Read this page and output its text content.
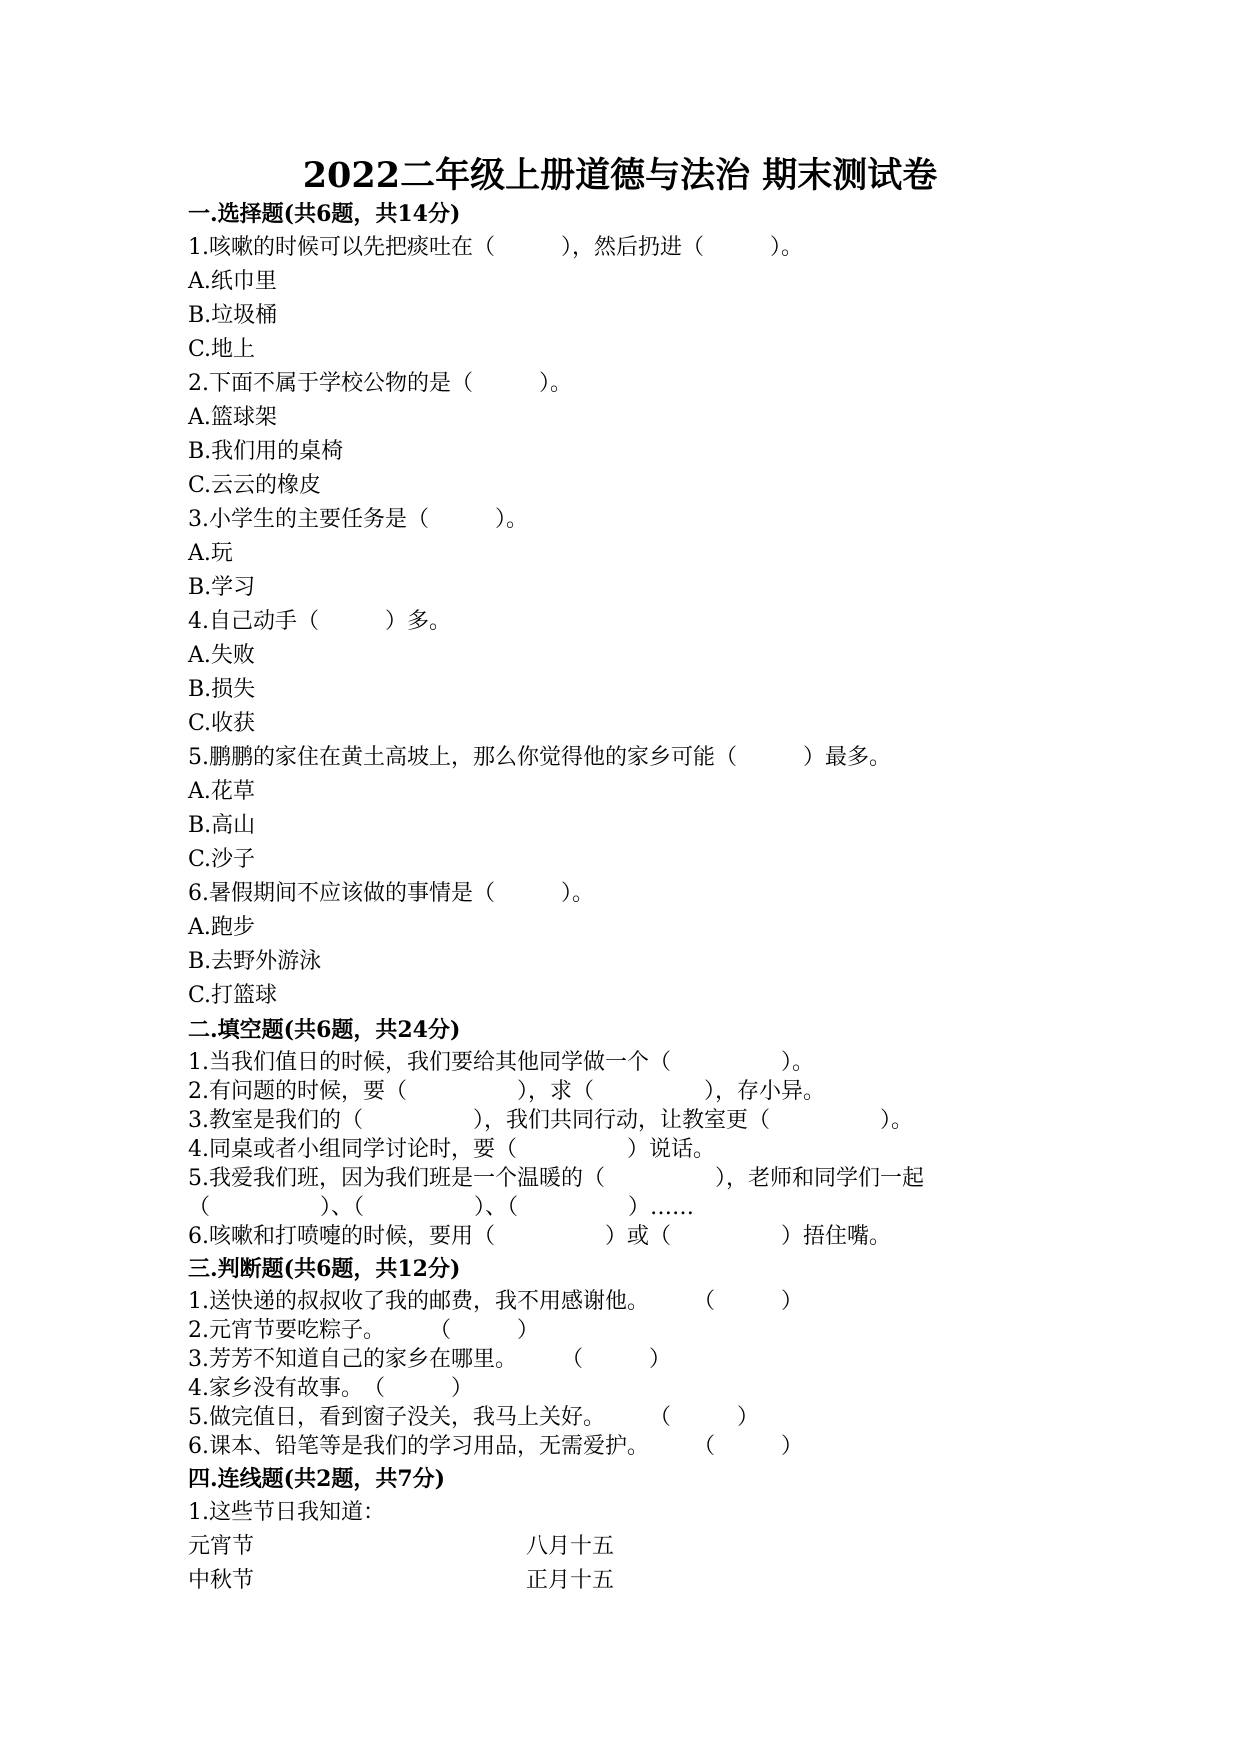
2022二年级上册道德与法治 期末测试卷
一.选择题(共6题，共14分)
1.咳嗽的时候可以先把痰吐在（　　　），然后扔进（　　　）。
A.纸巾里
B.垃圾桶
C.地上
2.下面不属于学校公物的是（　　　）。
A.篮球架
B.我们用的桌椅
C.云云的橡皮
3.小学生的主要任务是（　　　）。
A.玩
B.学习
4.自己动手（　　　）多。
A.失败
B.损失
C.收获
5.鹏鹏的家住在黄土高坡上，那么你觉得他的家乡可能（　　　）最多。
A.花草
B.高山
C.沙子
6.暑假期间不应该做的事情是（　　　）。
A.跑步
B.去野外游泳
C.打篮球
二.填空题(共6题，共24分)
1.当我们值日的时候，我们要给其他同学做一个（　　　　　）。
2.有问题的时候，要（　　　　　），求（　　　　　），存小异。
3.教室是我们的（　　　　　），我们共同行动，让教室更（　　　　　）。
4.同桌或者小组同学讨论时，要（　　　　　）说话。
5.我爱我们班，因为我们班是一个温暖的（　　　　　），老师和同学们一起
（　　　　　）、（　　　　　）、（　　　　　）……
6.咳嗽和打喷嚏的时候，要用（　　　　　）或（　　　　　）捂住嘴。
三.判断题(共6题，共12分)
1.送快递的叔叔收了我的邮费，我不用感谢他。　　　（　　　）
2.元宵节要吃粽子。　　　（　　　）
3.芳芳不知道自己的家乡在哪里。　　　（　　　）
4.家乡没有故事。　（　　　）
5.做完值日，看到窗子没关，我马上关好。　　　（　　　）
6.课本、铅笔等是我们的学习用品，无需爱护。　　　（　　　）
四.连线题(共2题，共7分)
1.这些节日我知道：
元宵节	八月十五
中秋节	正月十五
